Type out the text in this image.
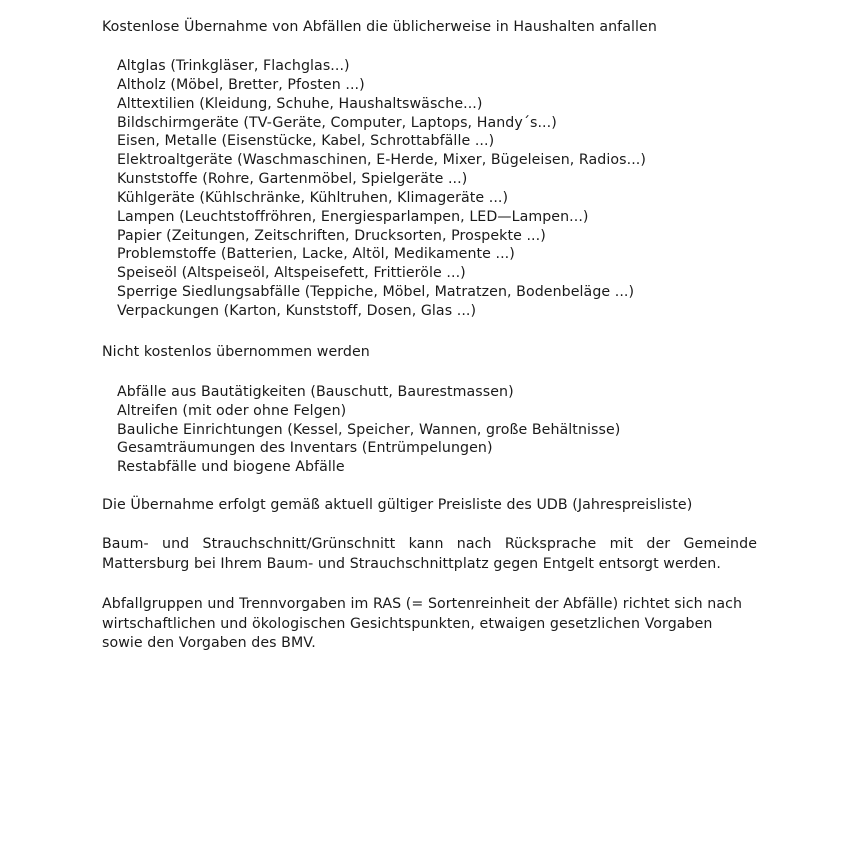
Kostenlose Übernahme von Abfällen die üblicherweise in Haushalten anfallen

Altglas (Trinkgläser, Flachglas...)
Altholz (Möbel, Bretter, Pfosten ...)
Alttextilien (Kleidung, Schuhe, Haushaltswäsche...)
Bildschirmgeräte (TV-Geräte, Computer, Laptops, Handy´s...)
Eisen, Metalle (Eisenstücke, Kabel, Schrottabfälle ...)
Elektroaltgeräte (Waschmaschinen, E-Herde, Mixer, Bügeleisen, Radios...)
Kunststoffe (Rohre, Gartenmöbel, Spielgeräte ...)
Kühlgeräte (Kühlschränke, Kühltruhen, Klimageräte ...)
Lampen (Leuchtstoffröhren, Energiesparlampen, LED—Lampen...)
Papier (Zeitungen, Zeitschriften, Drucksorten, Prospekte ...)
Problemstoffe (Batterien, Lacke, Altöl, Medikamente ...)
Speiseöl (Altspeiseöl, Altspeisefett, Frittieröle ...)
Sperrige Siedlungsabfälle (Teppiche, Möbel, Matratzen, Bodenbeläge ...)
Verpackungen (Karton, Kunststoff, Dosen, Glas ...)

Nicht kostenlos übernommen werden

Abfälle aus Bautätigkeiten (Bauschutt, Baurestmassen)
Altreifen (mit oder ohne Felgen)
Bauliche Einrichtungen (Kessel, Speicher, Wannen, große Behältnisse)
Gesamträumungen des Inventars (Entrümpelungen)
Restabfälle und biogene Abfälle

Die Übernahme erfolgt gemäß aktuell gültiger Preisliste des UDB (Jahrespreisliste)

Baum- und Strauchschnitt/Grünschnitt kann nach Rücksprache mit der Gemeinde Mattersburg bei Ihrem Baum- und Strauchschnittplatz gegen Entgelt entsorgt werden.

Abfallgruppen und Trennvorgaben im RAS (= Sortenreinheit der Abfälle) richtet sich nach wirtschaftlichen und ökologischen Gesichtspunkten, etwaigen gesetzlichen Vorgaben sowie den Vorgaben des BMV.
